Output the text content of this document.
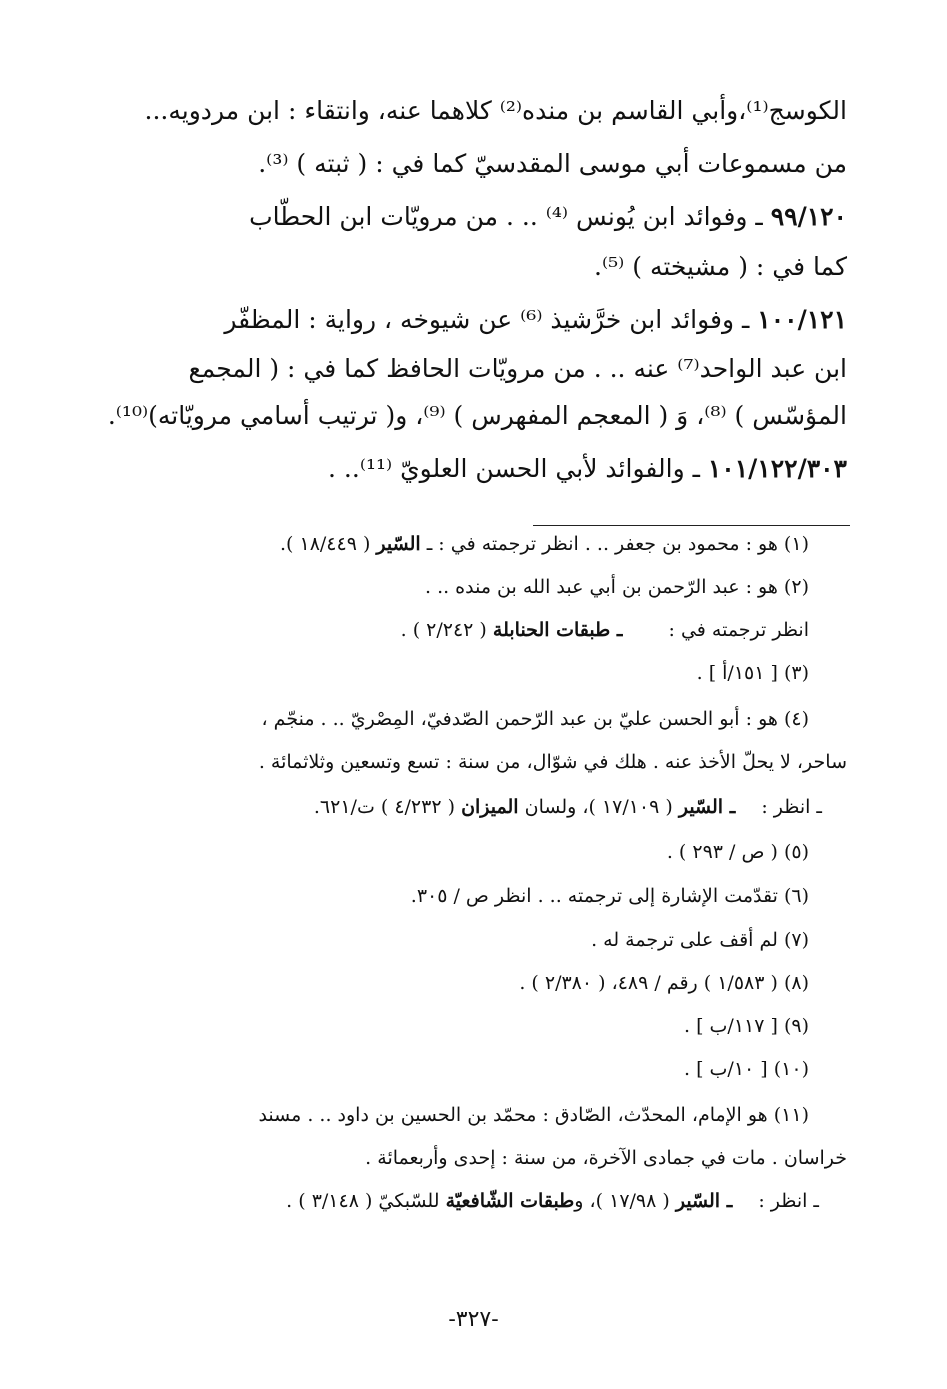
الكوسج⁽¹⁾،وأبي القاسم بن منده⁽²⁾ كلاهما عنه، وانتقاء : ابن مردويه...
من مسموعات أبي موسى المقدسيّ كما في : ( ثبته ) ⁽³⁾.
٩٩/١٢٠ ـ وفوائد ابن يُونس ⁽⁴⁾ .. . من مرويّات ابن الحطّاب
كما في : ( مشيخته ) ⁽⁵⁾.
١٠٠/١٢١ ـ وفوائد ابن خرَّشيذ ⁽⁶⁾ عن شيوخه ، رواية : المظفّر
ابن عبد الواحد⁽⁷⁾ عنه .. . من مرويّات الحافظ كما في : ( المجمع
المؤسّس ) ⁽⁸⁾، وَ ( المعجم المفهرس ) ⁽⁹⁾، و( ترتيب أسامي مرويّاته)⁽¹⁰⁾.
١٠١/١٢٢/٣٠٣ ـ والفوائد لأبي الحسن العلويّ ⁽¹¹⁾.. .
(١) هو : محمود بن جعفر .. . انظر ترجمته في : ـ السّير ( ١٨/٤٤٩ ).
(٢) هو : عبد الرّحمن بن أبي عبد الله بن منده .. .
انظر ترجمته في : ـ طبقات الحنابلة ( ٢/٢٤٢ ) .
(٣) [ ١٥١/أ ] .
(٤) هو : أبو الحسن عليّ بن عبد الرّحمن الصّدفيّ، المِصْريّ .. . منجّم ،
ساحر، لا يحلّ الأخذ عنه . هلك في شوّال، من سنة : تسع وتسعين وثلاثمائة .
ـ انظر : ـ السّير ( ١٧/١٠٩ )، ولسان الميزان ( ٤/٢٣٢ ) ت/٦٢١.
(٥) ( ص / ٢٩٣ ) .
(٦) تقدّمت الإشارة إلى ترجمته .. . انظر ص / ٣٠٥.
(٧) لم أقف على ترجمة له .
(٨) ( ١/٥٨٣ ) رقم / ٤٨٩، ( ٢/٣٨٠ ) .
(٩) [ ١١٧/ب ] .
(١٠) [ ١٠/ب ] .
(١١) هو الإمام، المحدّث، الصّادق : محمّد بن الحسين بن داود .. . مسند
خراسان . مات في جمادى الآخرة، من سنة : إحدى وأربعمائة .
ـ انظر : ـ السّير ( ١٧/٩٨ )، وطبقات الشّافعيّة للسّبكيّ ( ٣/١٤٨ ) .
-٣٢٧-
